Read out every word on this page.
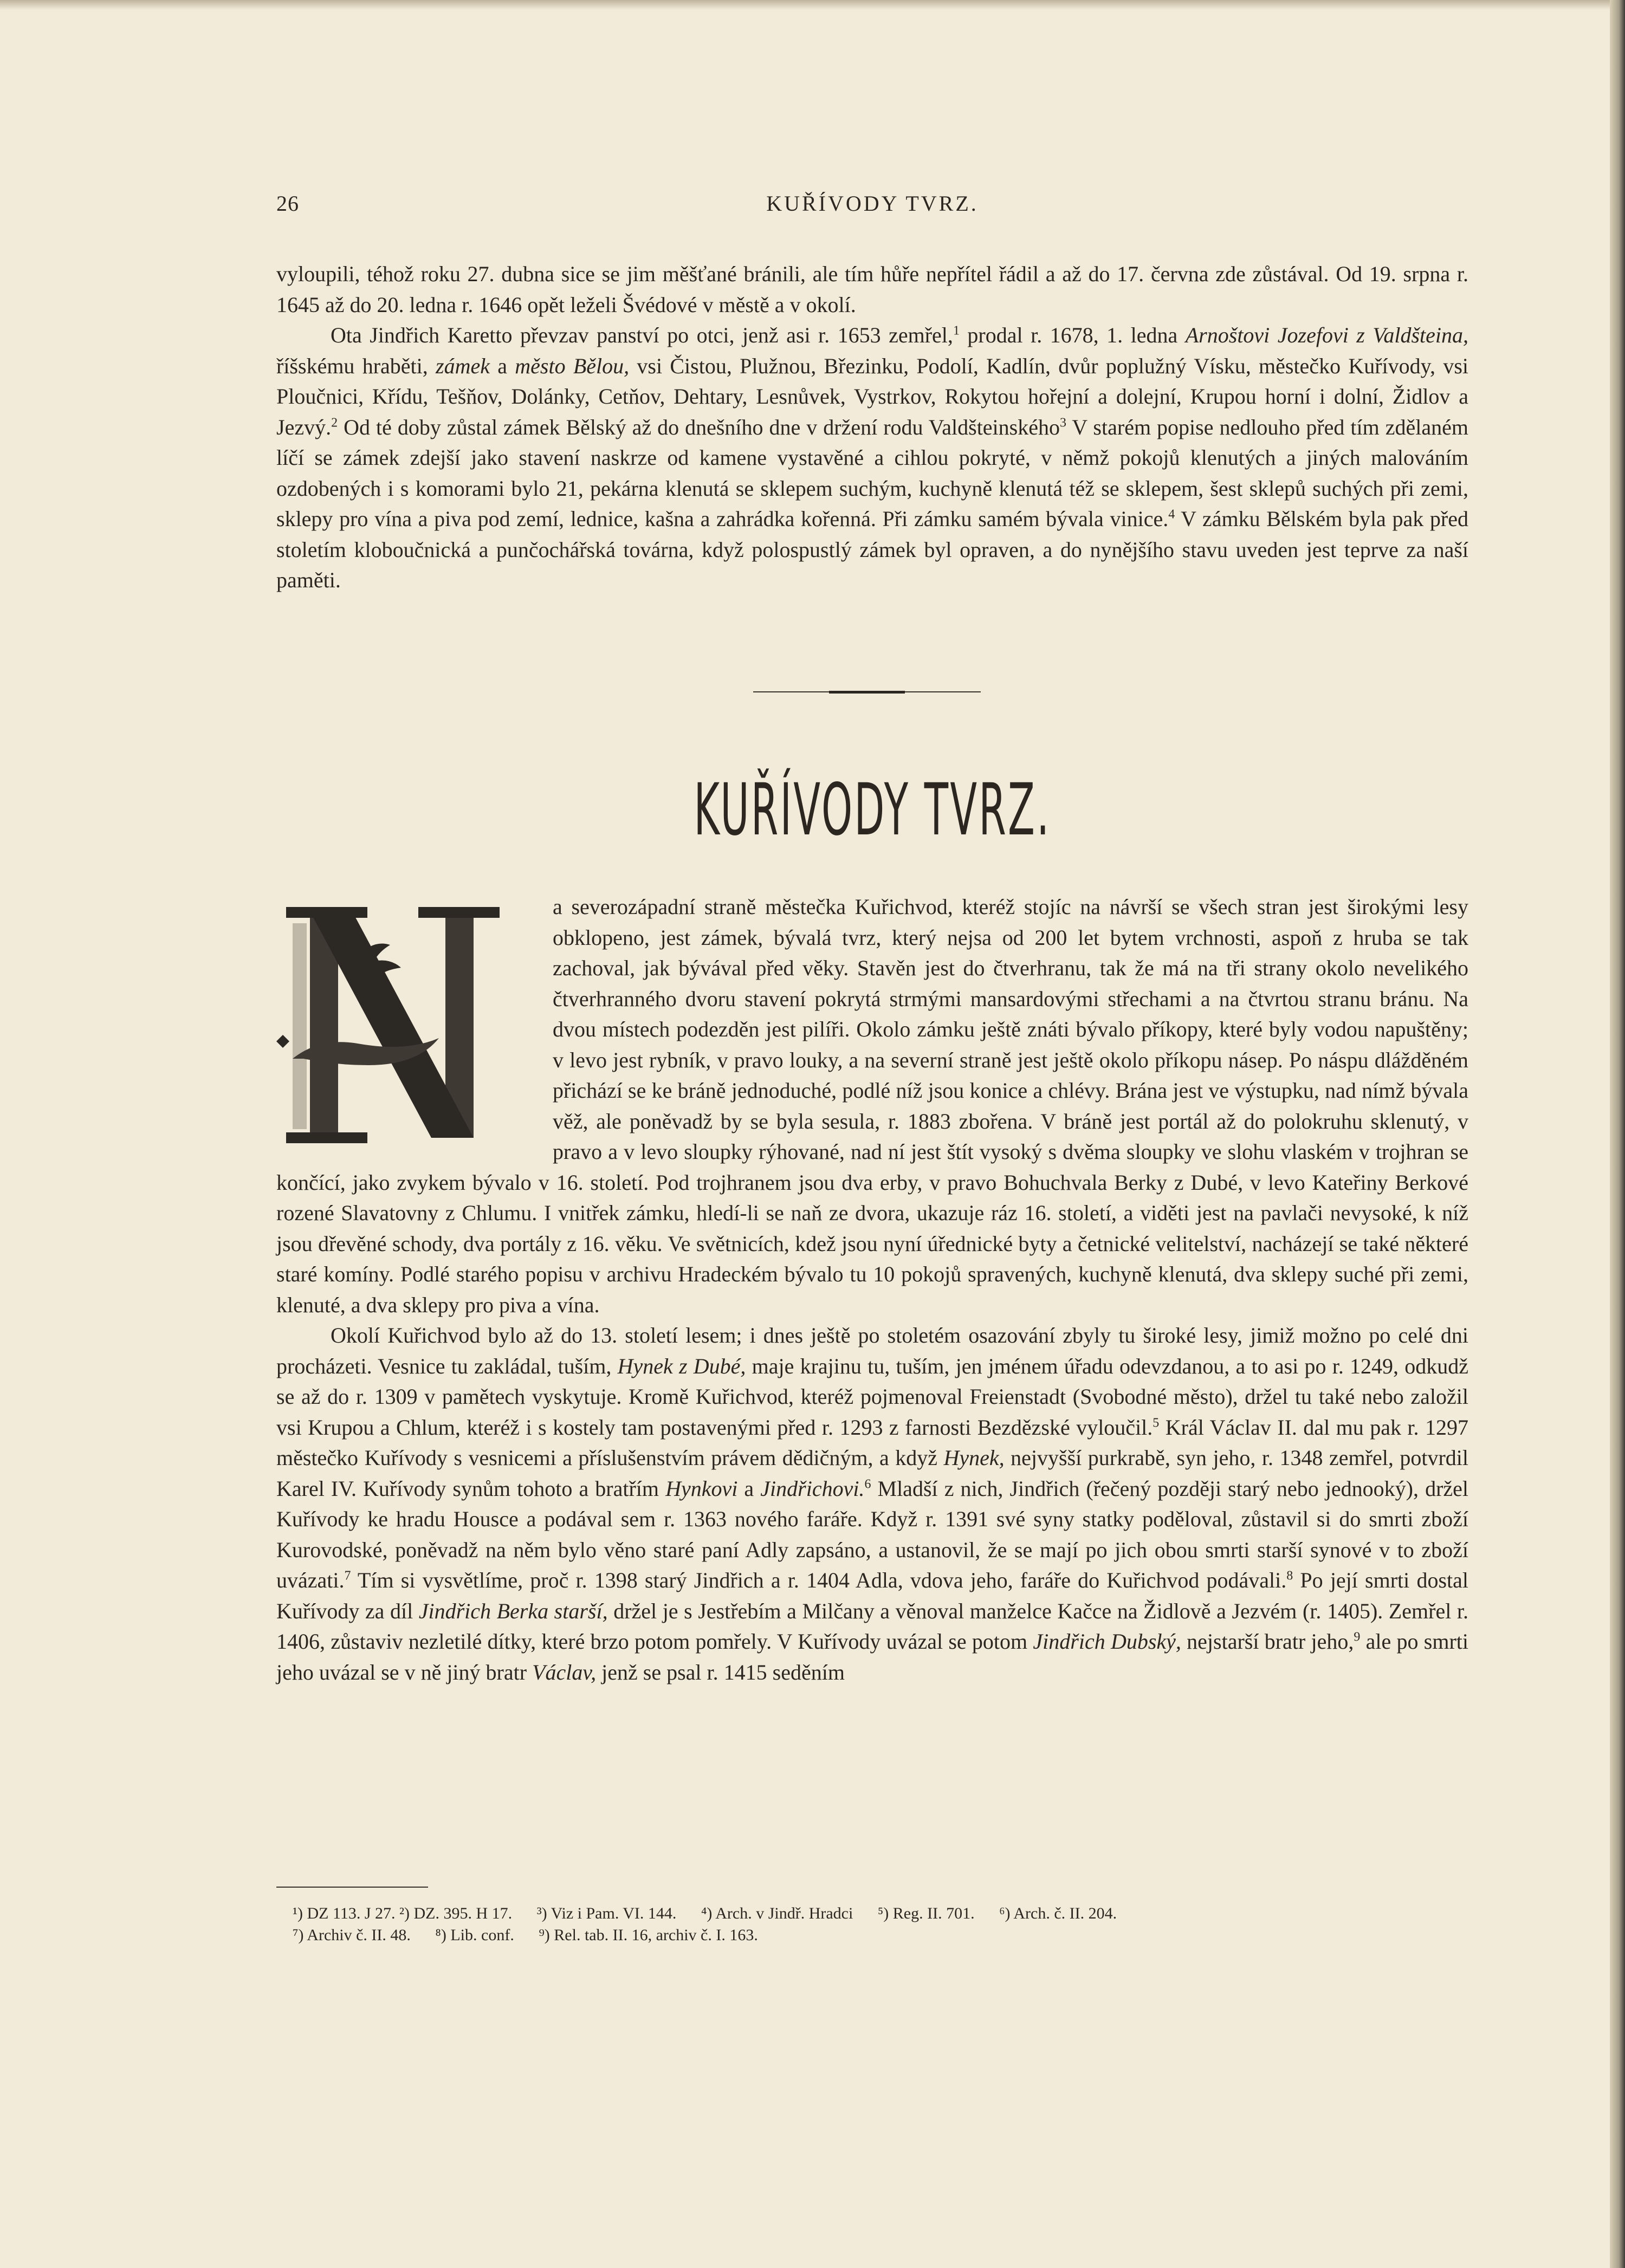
26	KUŘÍVODY TVRZ.

vyloupili, téhož roku 27. dubna sice se jim měšťané bránili, ale tím hůře nepřítel řádil a až do 17. června zde zůstával. Od 19. srpna r. 1645 až do 20. ledna r. 1646 opět leželi Švédové v městě a v okolí.

Ota Jindřich Karetto převzav panství po otci, jenž asi r. 1653 zemřel,$^1$ prodal r. 1678, 1. ledna Arnoštovi Jozefovi z Valdšteina, říšskému hraběti, zámek a město Bělou, vsi Čistou, Plužnou, Březinku, Podolí, Kadlín, dvůr poplužný Vísku, městečko Kuřívody, vsi Ploučnici, Křídu, Tešňov, Dolánky, Cetňov, Dehtary, Lesnůvek, Vystrkov, Rokytou hořejní a dolejní, Krupou horní i dolní, Židlov a Jezvý.$^2$ Od té doby zůstal zámek Bělský až do dnešního dne v držení rodu Valdšteinského$^3$ V starém popise nedlouho před tím zdělaném líčí se zámek zdejší jako stavení naskrze od kamene vystavěné a cihlou pokryté, v němž pokojů klenutých a jiných malováním ozdobených i s komorami bylo 21, pekárna klenutá se sklepem suchým, kuchyně klenutá též se sklepem, šest sklepů suchých při zemi, sklepy pro vína a piva pod zemí, lednice, kašna a zahrádka kořenná. Při zámku samém bývala vinice.$^4$ V zámku Bělském byla pak před stoletím kloboučnická a punčochářská továrna, když polospustlý zámek byl opraven, a do nynějšího stavu uveden jest teprve za naší paměti.

KUŘÍVODY TVRZ.
N	a severozápadní straně městečka Kuřichvod, kteréž stojíc na návrší se všech stran jest širokými lesy obklopeno, jest zámek, bývalá tvrz, který nejsa od 200 let bytem vrchnosti, aspoň z hruba se tak zachoval, jak bývával před věky. Stavěn jest do čtverhranu, tak že má na tři strany okolo nevelikého čtverhranného dvoru stavení pokrytá strmými mansardovými střechami a na čtvrtou stranu bránu. Na dvou místech podezděn jest pilíři. Okolo zámku ještě znáti bývalo příkopy, které byly vodou napuštěny; v levo jest rybník, v pravo louky, a na severní straně jest ještě okolo příkopu násep. Po náspu dlážděném přichází se ke bráně jednoduché, podlé níž jsou konice a chlévy. Brána jest ve výstupku, nad nímž bývala věž, ale poněvadž by se byla sesula, r. 1883 zbořena. V bráně jest portál až do polokruhu sklenutý, v pravo a v levo sloupky rýhované, nad ní jest štít vysoký s dvěma sloupky ve slohu vlaském v trojhran se končící, jako zvykem bývalo v 16. století. Pod trojhranem jsou dva erby, v pravo Bohuchvala Berky z Dubé, v levo Kateřiny Berkové rozené Slavatovny z Chlumu. I vnitřek zámku, hledí-li se naň ze dvora, ukazuje ráz 16. století, a viděti jest na pavlači nevysoké, k níž jsou dřevěné schody, dva portály z 16. věku. Ve světnicích, kdež jsou nyní úřednické byty a četnické velitelství, nacházejí se také některé staré komíny. Podlé starého popisu v archivu Hradeckém bývalo tu 10 pokojů spravených, kuchyně klenutá, dva sklepy suché při zemi, klenuté, a dva sklepy pro piva a vína.

Okolí Kuřichvod bylo až do 13. století lesem; i dnes ještě po stoletém osazování zbyly tu široké lesy, jimiž možno po celé dni procházeti. Vesnice tu zakládal, tuším, Hynek z Dubé, maje krajinu tu, tuším, jen jménem úřadu odevzdanou, a to asi po r. 1249, odkudž se až do r. 1309 v pamětech vyskytuje. Kromě Kuřichvod, kteréž pojmenoval Freienstadt (Svobodné město), držel tu také nebo založil vsi Krupou a Chlum, kteréž i s kostely tam postavenými před r. 1293 z farnosti Bezdězské vyloučil.$^5$ Král Václav II. dal mu pak r. 1297 městečko Kuřívody s vesnicemi a příslušenstvím právem dědičným, a když Hynek, nejvyšší purkrabě, syn jeho, r. 1348 zemřel, potvrdil Karel IV. Kuřívody synům tohoto a bratřím Hynkovi a Jindřichovi.$^6$ Mladší z nich, Jindřich (řečený později starý nebo jednooký), držel Kuřívody ke hradu Housce a podával sem r. 1363 nového faráře. Když r. 1391 své syny statky poděloval, zůstavil si do smrti zboží Kurovodské, poněvadž na něm bylo věno staré paní Adly zapsáno, a ustanovil, že se mají po jich obou smrti starší synové v to zboží uvázati.$^7$ Tím si vysvětlíme, proč r. 1398 starý Jindřich a r. 1404 Adla, vdova jeho, faráře do Kuřichvod podávali.$^8$ Po její smrti dostal Kuřívody za díl Jindřich Berka starší, držel je s Jestřebím a Milčany a věnoval manželce Kačce na Židlově a Jezvém (r. 1405). Zemřel r. 1406, zůstaviv nezletilé dítky, které brzo potom pomřely. V Kuřívody uvázal se potom Jindřich Dubský, nejstarší bratr jeho,$^9$ ale po smrti jeho uvázal se v ně jiný bratr Václav, jenž se psal r. 1415 seděním

¹) DZ 113. J 27. ²) DZ. 395. H 17. ³) Viz i Pam. VI. 144. ⁴) Arch. v Jindř. Hradci ⁵) Reg. II. 701. ⁶) Arch. č. II. 204.
⁷) Archiv č. II. 48. ⁸) Lib. conf. ⁹) Rel. tab. II. 16, archiv č. I. 163.
